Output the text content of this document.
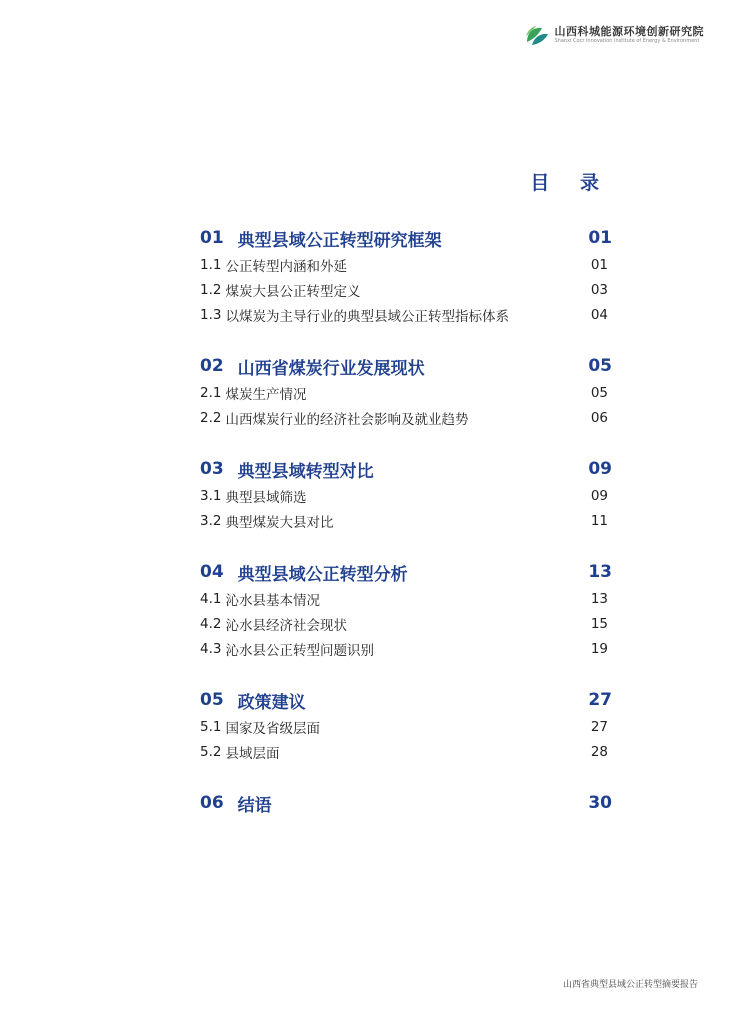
山西科城能源环境创新研究院
Shanxi Cocr Innovation Institute of Energy & Environment
目 录
01 典型县域公正转型研究框架	01
1.1 公正转型内涵和外延	01
1.2 煤炭大县公正转型定义	03
1.3 以煤炭为主导行业的典型县域公正转型指标体系	04
02 山西省煤炭行业发展现状	05
2.1 煤炭生产情况	05
2.2 山西煤炭行业的经济社会影响及就业趋势	06
03 典型县域转型对比	09
3.1 典型县域筛选	09
3.2 典型煤炭大县对比	11
04 典型县域公正转型分析	13
4.1 沁水县基本情况	13
4.2 沁水县经济社会现状	15
4.3 沁水县公正转型问题识别	19
05 政策建议	27
5.1 国家及省级层面	27
5.2 县域层面	28
06 结语	30
山西省典型县域公正转型摘要报告
